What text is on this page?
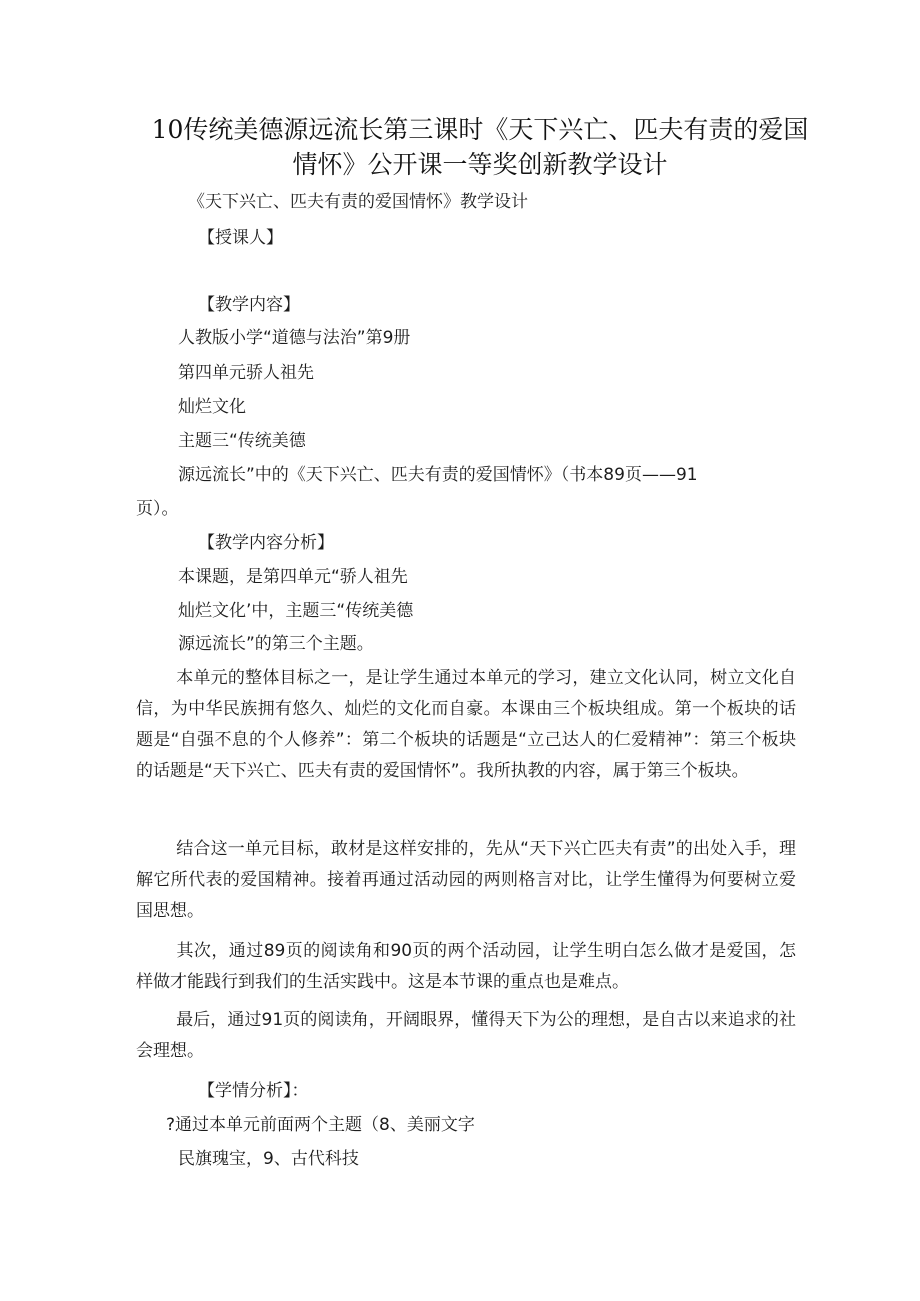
10传统美德源远流长第三课时《天下兴亡、匹夫有责的爱国情怀》公开课一等奖创新教学设计
《天下兴亡、匹夫有责的爱国情怀》教学设计
【授课人】
【教学内容】
人教版小学“道德与法治”第9册
第四单元骄人祖先
灿烂文化
主题三“传统美德
源远流长”中的《天下兴亡、匹夫有责的爱国情怀》（书本89页——91
页）。
【教学内容分析】
本课题，是第四单元“骄人祖先
灿烂文化’中，主题三“传统美德
源远流长”的第三个主题。
本单元的整体目标之一，是让学生通过本单元的学习，建立文化认同，树立文化自信，为中华民族拥有悠久、灿烂的文化而自豪。本课由三个板块组成。第一个板块的话题是“自强不息的个人修养”：第二个板块的话题是“立己达人的仁爱精神”：第三个板块的话题是“天下兴亡、匹夫有责的爱国情怀”。我所执教的内容，属于第三个板块。
结合这一单元目标，敢材是这样安排的，先从“天下兴亡匹夫有责”的出处入手，理解它所代表的爱国精神。接着再通过活动园的两则格言对比，让学生懂得为何要树立爱国思想。
其次，通过89页的阅读角和90页的两个活动园，让学生明白怎么做才是爱国，怎样做才能践行到我们的生活实践中。这是本节课的重点也是难点。
最后，通过91页的阅读角，开阔眼界，懂得天下为公的理想，是自古以来追求的社会理想。
【学情分析】：
?通过本单元前面两个主题（8、美丽文字
民旗瑰宝，9、古代科技
